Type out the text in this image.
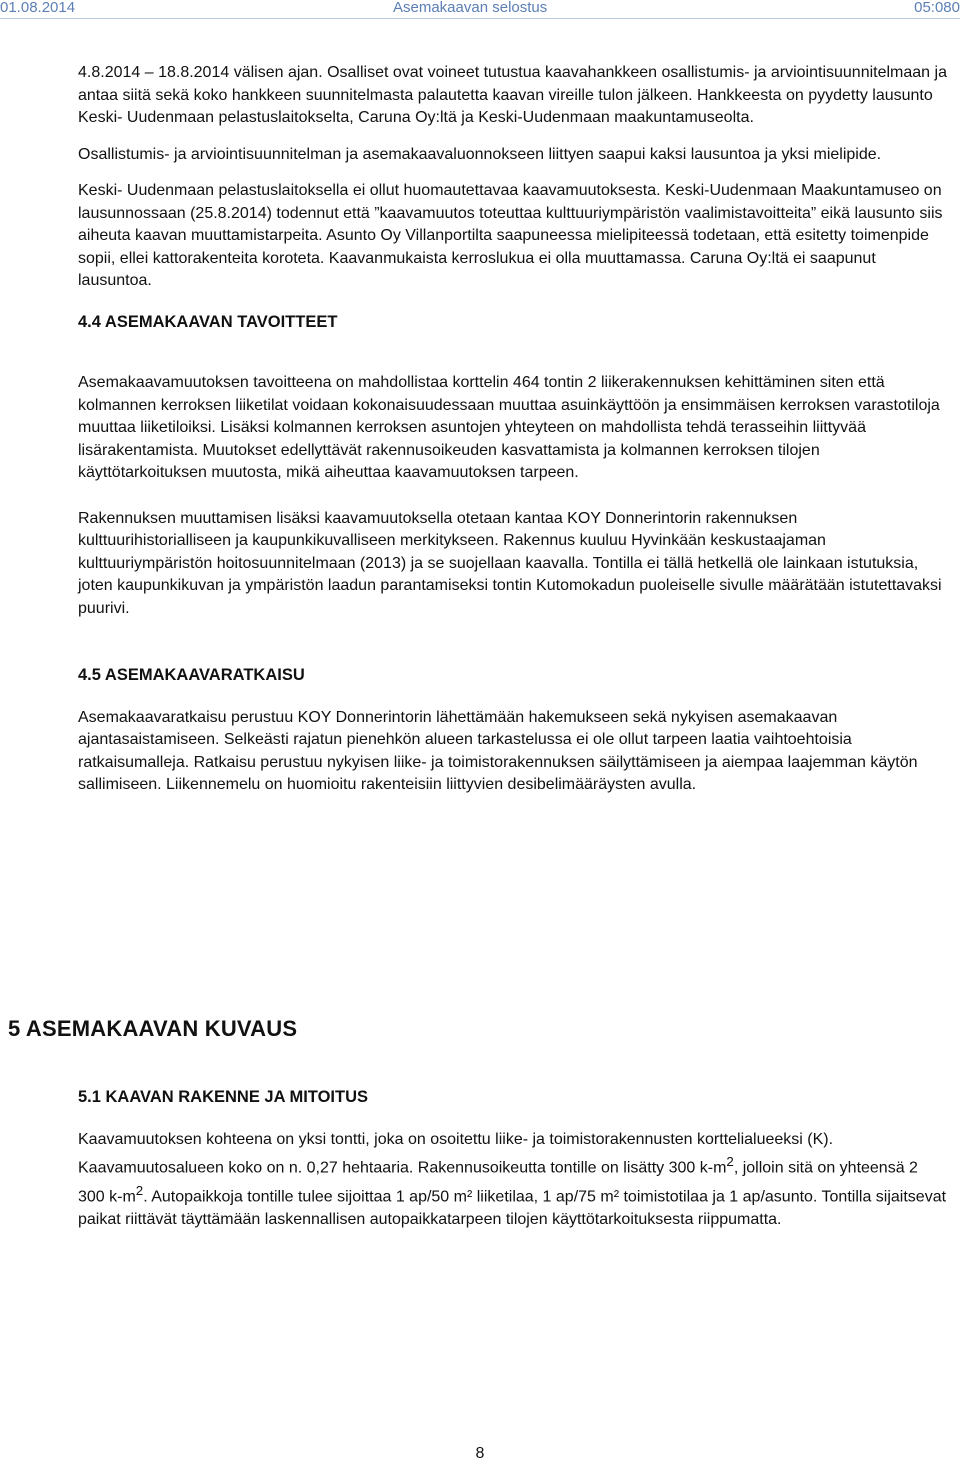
01.08.2014	Asemakaavan selostus	05:080

4.8.2014 – 18.8.2014 välisen ajan. Osalliset ovat voineet tutustua kaavahankkeen osallistumis- ja arviointisuunnitelmaan ja antaa siitä sekä koko hankkeen suunnitelmasta palautetta kaavan vireille tulon jälkeen. Hankkeesta on pyydetty lausunto Keski- Uudenmaan pelastuslaitokselta, Caruna Oy:ltä ja Keski-Uudenmaan maakuntamuseolta.

Osallistumis- ja arviointisuunnitelman ja asemakaavaluonnokseen liittyen saapui kaksi lausuntoa ja yksi mielipide.

Keski- Uudenmaan pelastuslaitoksella ei ollut huomautettavaa kaavamuutoksesta. Keski-Uudenmaan Maakuntamuseo on lausunnossaan (25.8.2014) todennut että ”kaavamuutos toteuttaa kulttuuriympäristön vaalimistavoitteita” eikä lausunto siis aiheuta kaavan muuttamistarpeita. Asunto Oy Villanportilta saapuneessa mielipiteessä todetaan, että esitetty toimenpide sopii, ellei kattorakenteita koroteta. Kaavanmukaista kerroslukua ei olla muuttamassa. Caruna Oy:ltä ei saapunut lausuntoa.

4.4 ASEMAKAAVAN TAVOITTEET

Asemakaavamuutoksen tavoitteena on mahdollistaa korttelin 464 tontin 2 liikerakennuksen kehittäminen siten että kolmannen kerroksen liiketilat voidaan kokonaisuudessaan muuttaa asuinkäyttöön ja ensimmäisen kerroksen varastotiloja muuttaa liiketiloiksi. Lisäksi kolmannen kerroksen asuntojen yhteyteen on mahdollista tehdä terasseihin liittyvää lisärakentamista. Muutokset edellyttävät rakennusoikeuden kasvattamista ja kolmannen kerroksen tilojen käyttötarkoituksen muutosta, mikä aiheuttaa kaavamuutoksen tarpeen.

Rakennuksen muuttamisen lisäksi kaavamuutoksella otetaan kantaa KOY Donnerintorin rakennuksen kulttuurihistorialliseen ja kaupunkikuvalliseen merkitykseen. Rakennus kuuluu Hyvinkään keskustaajaman kulttuuriympäristön hoitosuunnitelmaan (2013) ja se suojellaan kaavalla. Tontilla ei tällä hetkellä ole lainkaan istutuksia, joten kaupunkikuvan ja ympäristön laadun parantamiseksi tontin Kutomokadun puoleiselle sivulle määrätään istutettavaksi puurivi.

4.5 ASEMAKAAVARATKAISU

Asemakaavaratkaisu perustuu KOY Donnerintorin lähettämään hakemukseen sekä nykyisen asemakaavan ajantasaistamiseen. Selkeästi rajatun pienehkön alueen tarkastelussa ei ole ollut tarpeen laatia vaihtoehtoisia ratkaisumalleja. Ratkaisu perustuu nykyisen liike- ja toimistorakennuksen säilyttämiseen ja aiempaa laajemman käytön sallimiseen. Liikennemelu on huomioitu rakenteisiin liittyvien desibelimääräysten avulla.

5 ASEMAKAAVAN KUVAUS
5.1 KAAVAN RAKENNE JA MITOITUS

Kaavamuutoksen kohteena on yksi tontti, joka on osoitettu liike- ja toimistorakennusten korttelialueeksi (K). Kaavamuutosalueen koko on n. 0,27 hehtaaria. Rakennusoikeutta tontille on lisätty 300 $k-m^2$, jolloin sitä on yhteensä 2 300 $k-m^2$. Autopaikkoja tontille tulee sijoittaa 1 ap/50 m² liiketilaa, 1 ap/75 m² toimistotilaa ja 1 ap/asunto. Tontilla sijaitsevat paikat riittävät täyttämään laskennallisen autopaikkatarpeen tilojen käyttötarkoituksesta riippumatta.

8
